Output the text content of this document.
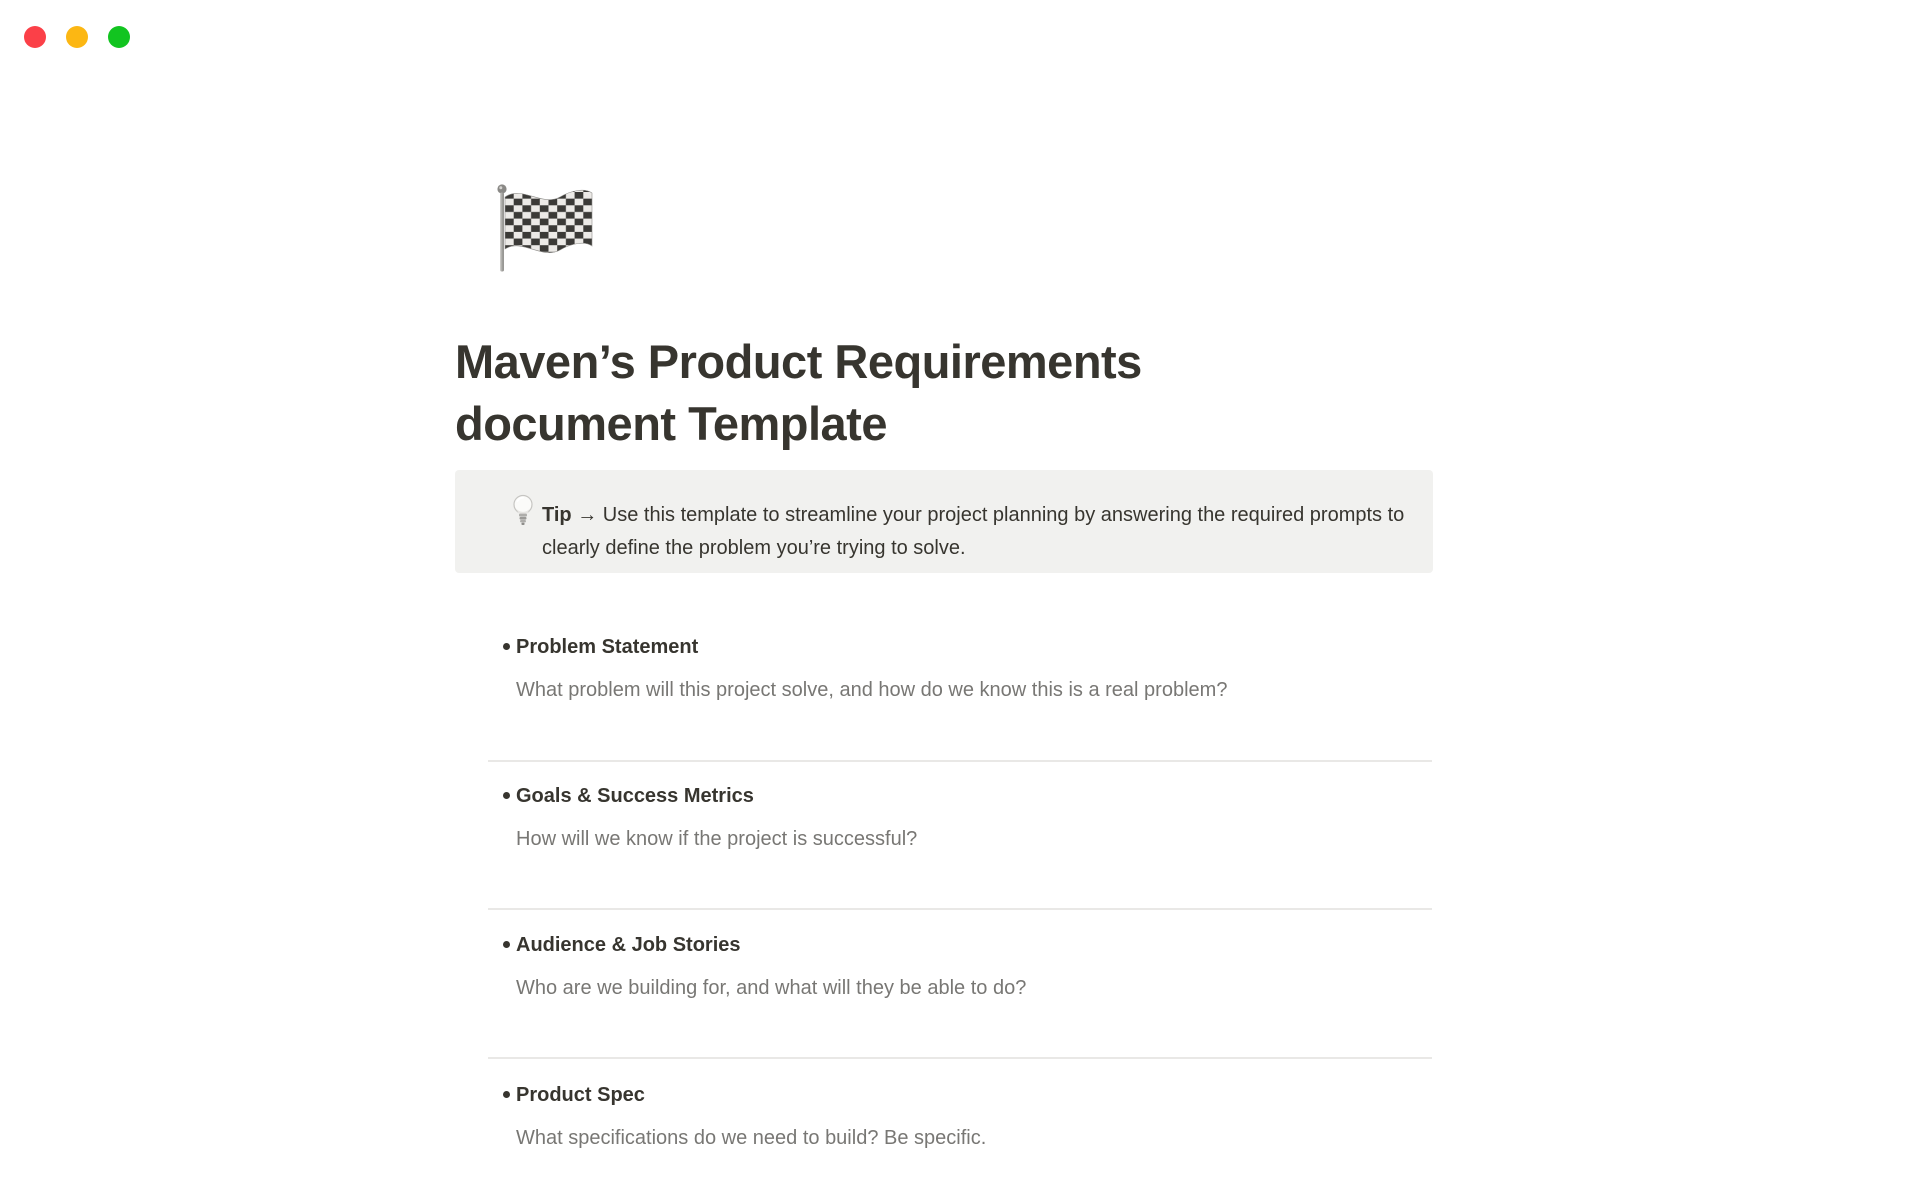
Maven’s Product Requirements document Template

Tip → Use this template to streamline your project planning by answering the required prompts to clearly define the problem you’re trying to solve.

Problem Statement
What problem will this project solve, and how do we know this is a real problem?
Goals & Success Metrics
How will we know if the project is successful?
Audience & Job Stories
Who are we building for, and what will they be able to do?
Product Spec
What specifications do we need to build? Be specific.
